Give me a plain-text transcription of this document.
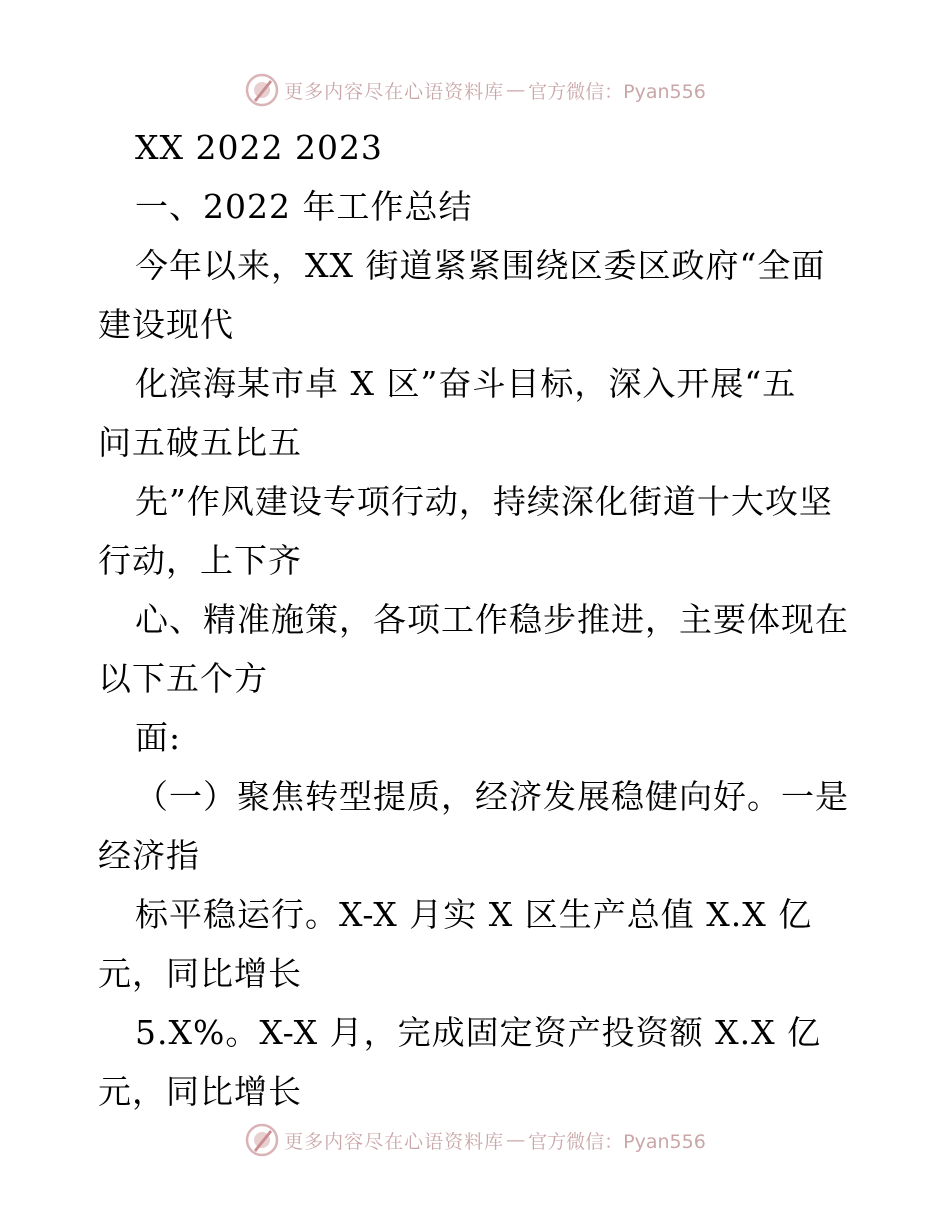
更多内容尽在心语资料库 — 官方微信：Pyan556
XX 2022 2023
一、2022 年工作总结
今年以来，XX 街道紧紧围绕区委区政府“全面
建设现代
化滨海某市卓 X 区”奋斗目标，深入开展“五
问五破五比五
先”作风建设专项行动，持续深化街道十大攻坚
行动，上下齐
心、精准施策，各项工作稳步推进，主要体现在
以下五个方
面:
（一）聚焦转型提质，经济发展稳健向好。一是
经济指
标平稳运行。X-X 月实 X 区生产总值 X.X 亿
元，同比增长
5.X%。X-X 月，完成固定资产投资额 X.X 亿
元，同比增长
更多内容尽在心语资料库 — 官方微信：Pyan556
